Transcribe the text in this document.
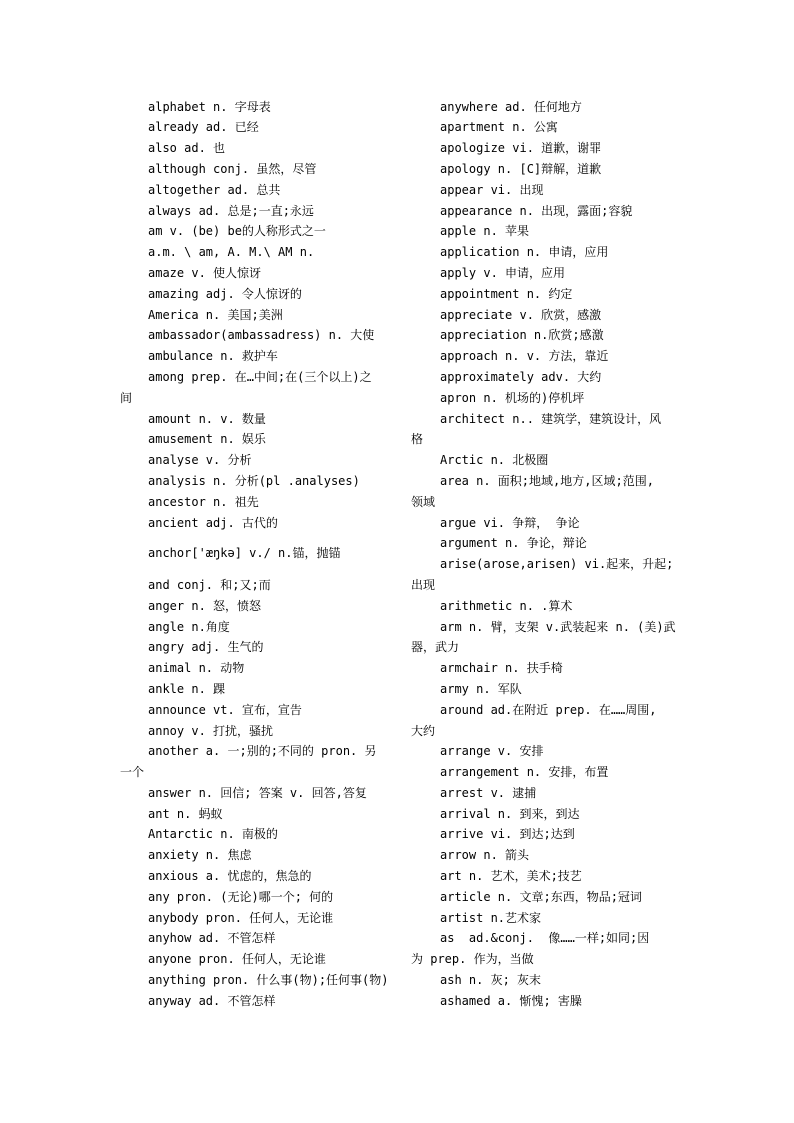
alphabet n. 字母表
already ad. 已经
also ad. 也
although conj. 虽然，尽管
altogether ad. 总共
always ad. 总是;一直;永远
am v. (be) be的人称形式之一
a.m. \ am, A. M.\ AM n.
amaze v. 使人惊讶
amazing adj. 令人惊讶的
America n. 美国;美洲
ambassador(ambassadress) n. 大使
ambulance n. 救护车
among prep. 在…中间;在(三个以上)之
间
amount n. v. 数量
amusement n. 娱乐
analyse v. 分析
analysis n. 分析(pl .analyses)
ancestor n. 祖先
ancient adj. 古代的
anchor['æŋkə] v./ n.锚，抛锚
and conj. 和;又;而
anger n. 怒，愤怒
angle n.角度
angry adj. 生气的
animal n. 动物
ankle n. 踝
announce vt. 宣布，宣告
annoy v. 打扰，骚扰
another a. 一;别的;不同的 pron. 另
一个
answer n. 回信; 答案 v. 回答,答复
ant n. 蚂蚁
Antarctic n. 南极的
anxiety n. 焦虑
anxious a. 忧虑的，焦急的
any pron. (无论)哪一个; 何的
anybody pron. 任何人，无论谁
anyhow ad. 不管怎样
anyone pron. 任何人，无论谁
anything pron. 什么事(物);任何事(物)
anyway ad. 不管怎样
anywhere ad. 任何地方
apartment n. 公寓
apologize vi. 道歉，谢罪
apology n. [C]辩解，道歉
appear vi. 出现
appearance n. 出现，露面;容貌
apple n. 苹果
application n. 申请，应用
apply v. 申请，应用
appointment n. 约定
appreciate v. 欣赏，感激
appreciation n.欣赏;感激
approach n. v. 方法，靠近
approximately adv. 大约
apron n. 机场的)停机坪
architect n.. 建筑学，建筑设计，风
格
Arctic n. 北极圈
area n. 面积;地域,地方,区域;范围,
领域
argue vi. 争辩， 争论
argument n. 争论，辩论
arise(arose,arisen) vi.起来，升起;
出现
arithmetic n. .算术
arm n. 臂，支架 v.武装起来 n. (美)武
器，武力
armchair n. 扶手椅
army n. 军队
around ad.在附近 prep. 在……周围,
大约
arrange v. 安排
arrangement n. 安排，布置
arrest v. 逮捕
arrival n. 到来，到达
arrive vi. 到达;达到
arrow n. 箭头
art n. 艺术，美术;技艺
article n. 文章;东西，物品;冠词
artist n.艺术家
as  ad.&conj.  像……一样;如同;因
为 prep. 作为，当做
ash n. 灰; 灰末
ashamed a. 惭愧; 害臊
